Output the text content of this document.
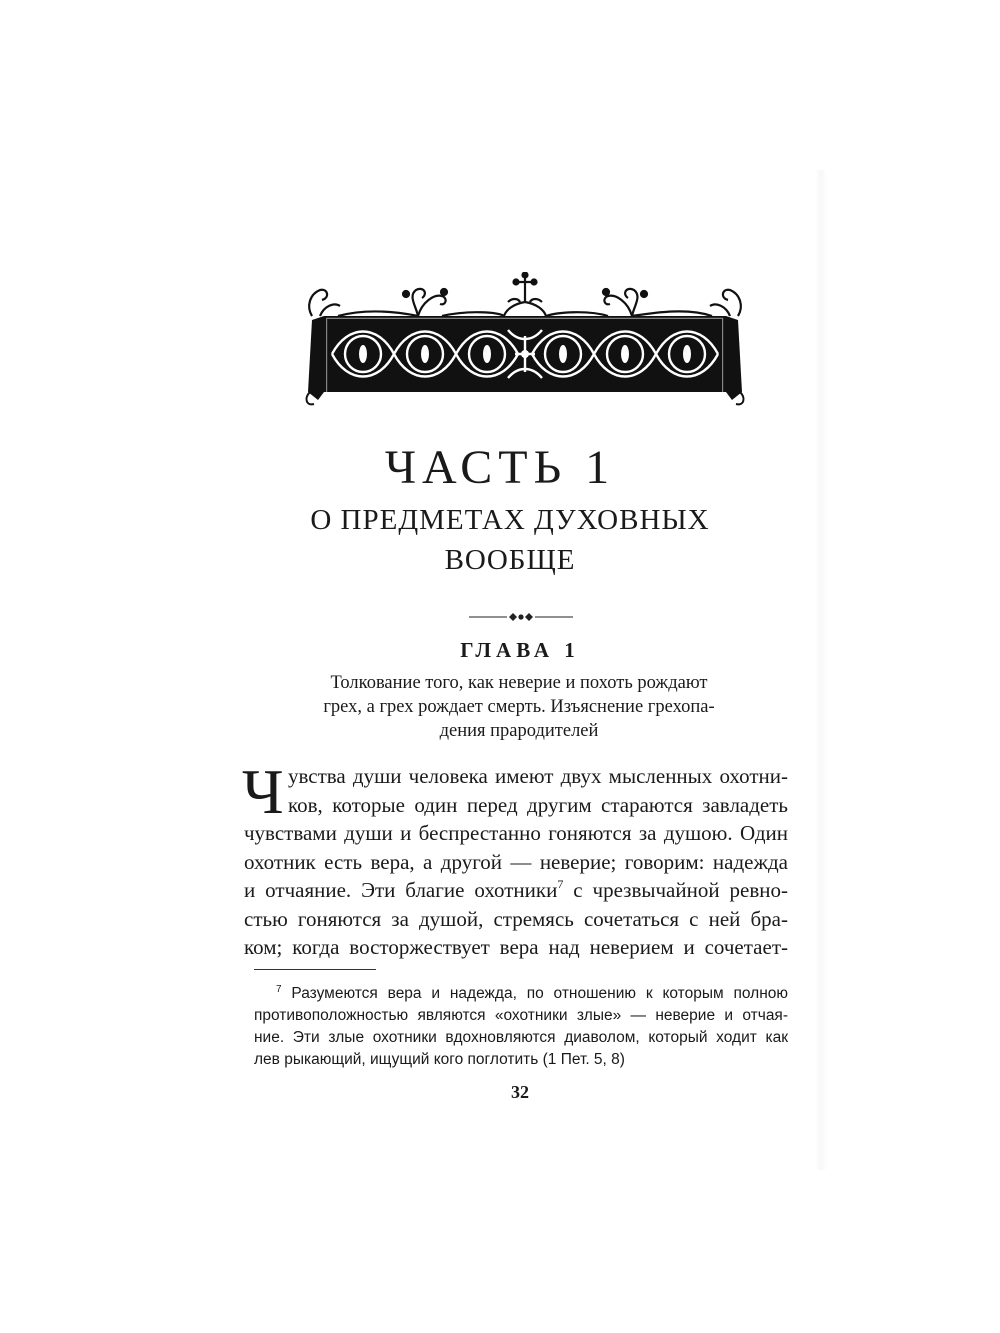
ЧАСТЬ 1
О ПРЕДМЕТАХ ДУХОВНЫХ
ВООБЩЕ
ГЛАВА 1
Толкование того, как неверие и похоть рождают
грех, а грех рождает смерть. Изъяснение грехопа-
дения прародителей
Ч увства души человека имеют двух мысленных охотни-
ков, которые один перед другим стараются завладеть
чувствами души и беспрестанно гоняются за душою. Один
охотник есть вера, а другой — неверие; говорим: надежда
и отчаяние. Эти благие охотники$^7$ с чрезвычайной ревно-
стью гоняются за душой, стремясь сочетаться с ней бра-
ком; когда восторжествует вера над неверием и сочетает-
$^7$ Разумеются вера и надежда, по отношению к которым полною
противоположностью являются «охотники злые» — неверие и отчая-
ние. Эти злые охотники вдохновляются диаволом, который ходит как
лев рыкающий, ищущий кого поглотить (1 Пет. 5, 8)
32
